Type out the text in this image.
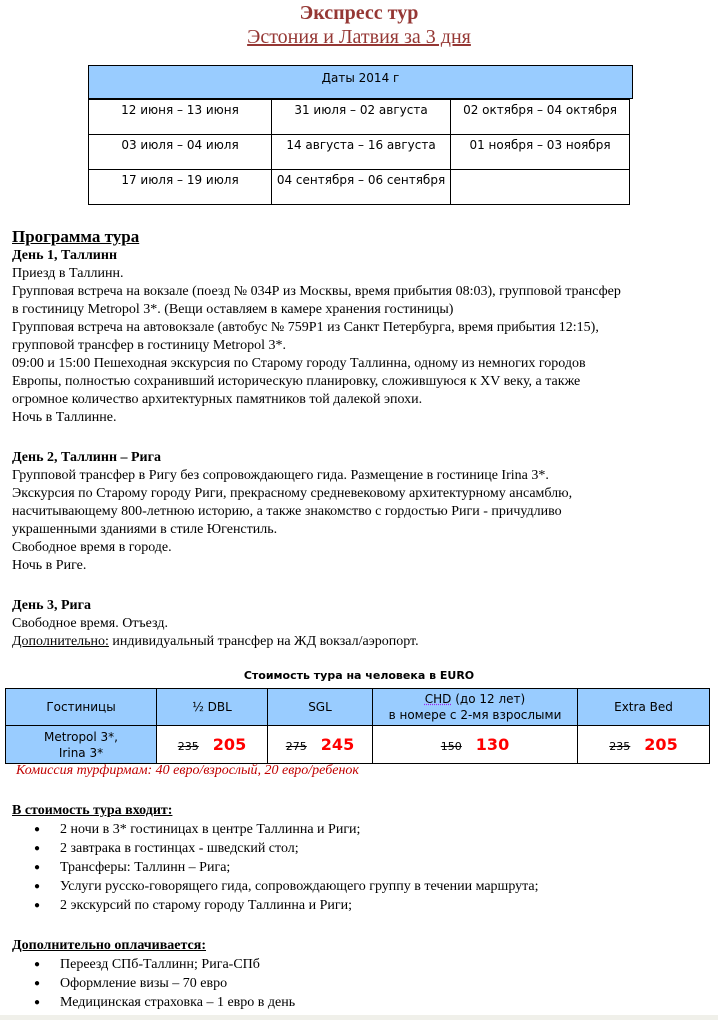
Экспресс тур
Эстония и Латвия за 3 дня
Даты 2014 г
12 июня – 13 июня	31 июля – 02 августа	02 октября – 04 октября
03 июля – 04 июля	14 августа – 16 августа	01 ноября – 03 ноября
17 июля – 19 июля	04 сентября – 06 сентября	
Программа тура
День 1, Таллинн

Приезд в Таллинн.

Групповая встреча на вокзале (поезд № 034Р из Москвы, время прибытия 08:03), групповой трансфер

в гостиницу Metropol 3*. (Вещи оставляем в камере хранения гостиницы)

Групповая встреча на автовокзале (автобус № 759Р1 из Санкт Петербурга, время прибытия 12:15),

групповой трансфер в гостиницу Metropol 3*.

09:00 и 15:00 Пешеходная экскурсия по Старому городу Таллинна, одному из немногих городов

Европы, полностью сохранивший историческую планировку, сложившуюся к XV веку, а также

огромное количество архитектурных памятников той далекой эпохи.

Ночь в Таллинне.

День 2, Таллинн – Рига

Групповой трансфер в Ригу без сопровождающего гида. Размещение в гостинице Irina 3*.

Экскурсия по Старому городу Риги, прекрасному средневековому архитектурному ансамблю,

насчитывающему 800-летнюю историю, а также знакомство с гордостью Риги - причудливо

украшенными зданиями в стиле Югенстиль.

Свободное время в городе.

Ночь в Риге.

День 3, Рига

Свободное время. Отъезд.

Дополнительно: индивидуальный трансфер на ЖД вокзал/аэропорт.

Стоимость тура на человека в EURO
Гостиницы	½ DBL	SGL	CHD (до 12 лет)
в номере с 2-мя взрослыми	Extra Bed
Metropol 3*,
Irina 3*	235 205	275 245	150 130	235 205
Комиссия турфирмам: 40 евро/взрослый, 20 евро/ребенок
В стоимость тура входит:
● 2 ночи в 3* гостиницах в центре Таллинна и Риги;
● 2 завтрака в гостинцах - шведский стол;
● Трансферы: Таллинн – Рига;
● Услуги русско-говорящего гида, сопровождающего группу в течении маршрута;
● 2 экскурсий по старому городу Таллинна и Риги;
Дополнительно оплачивается:
● Переезд СПб-Таллинн; Рига-СПб
● Оформление визы – 70 евро
● Медицинская страховка – 1 евро в день
